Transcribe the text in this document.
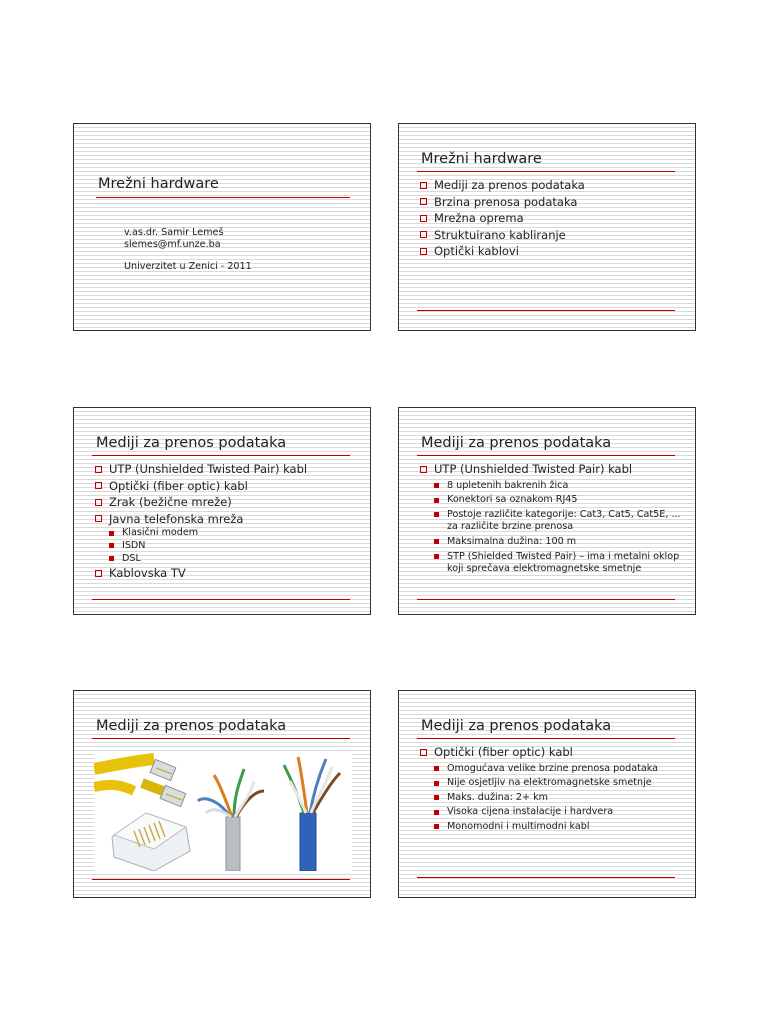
Mrežni hardware
v.as.dr. Samir Lemeš
slemes@mf.unze.ba
Univerzitet u Zenici - 2011
Mrežni hardware
Mediji za prenos podataka
Brzina prenosa podataka
Mrežna oprema
Struktuirano kabliranje
Optički kablovi
Mediji za prenos podataka
UTP (Unshielded Twisted Pair) kabl
Optički (fiber optic) kabl
Zrak (bežične mreže)
Javna telefonska mreža
Klasični modem
ISDN
DSL
Kablovska TV
Mediji za prenos podataka
UTP (Unshielded Twisted Pair) kabl
8 upletenih bakrenih žica
Konektori sa oznakom RJ45
Postoje različite kategorije: Cat3, Cat5, Cat5E, ... za različite brzine prenosa
Maksimalna dužina: 100 m
STP (Shielded Twisted Pair) – ima i metalni oklop koji sprečava elektromagnetske smetnje
Mediji za prenos podataka	Mediji za prenos podataka
Optički (fiber optic) kabl
Omogućava velike brzine prenosa podataka
Nije osjetljiv na elektromagnetske smetnje
Maks. dužina: 2+ km
Visoka cijena instalacije i hardvera
Monomodni i multimodni kabl
